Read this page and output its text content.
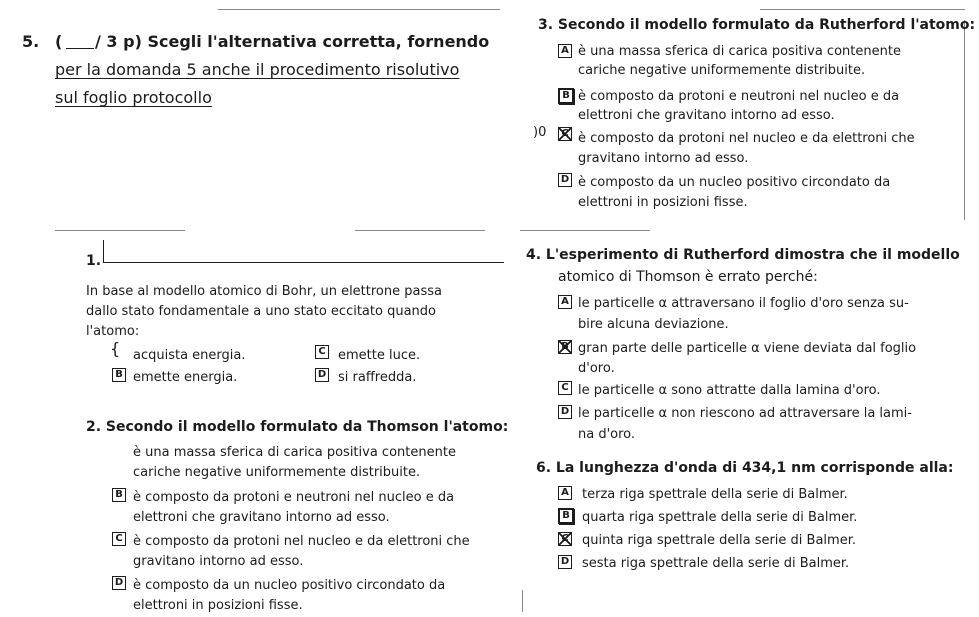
5. ( / 3 p) Scegli l'alternativa corretta, fornendo
per la domanda 5 anche il procedimento risolutivo
sul foglio protocollo
3. Secondo il modello formulato da Rutherford l'atomo:
A è una massa sferica di carica positiva contenente
cariche negative uniformemente distribuite.
B è composto da protoni e neutroni nel nucleo e da
elettroni che gravitano intorno ad esso.
)0	C è composto da protoni nel nucleo e da elettroni che
gravitano intorno ad esso.
D è composto da un nucleo positivo circondato da
elettroni in posizioni fisse.
1.
In base al modello atomico di Bohr, un elettrone passa
dallo stato fondamentale a uno stato eccitato quando
l'atomo:
{ acquista energia.	C emette luce.
B emette energia.	D si raffredda.
4. L'esperimento di Rutherford dimostra che il modello
atomico di Thomson è errato perché:
A le particelle α attraversano il foglio d'oro senza su-
bire alcuna deviazione.
B gran parte delle particelle α viene deviata dal foglio
d'oro.
C le particelle α sono attratte dalla lamina d'oro.
D le particelle α non riescono ad attraversare la lami-
na d'oro.
2. Secondo il modello formulato da Thomson l'atomo:
è una massa sferica di carica positiva contenente
cariche negative uniformemente distribuite.
B è composto da protoni e neutroni nel nucleo e da
elettroni che gravitano intorno ad esso.
C è composto da protoni nel nucleo e da elettroni che
gravitano intorno ad esso.
D è composto da un nucleo positivo circondato da
elettroni in posizioni fisse.
6. La lunghezza d'onda di 434,1 nm corrisponde alla:
A terza riga spettrale della serie di Balmer.
B quarta riga spettrale della serie di Balmer.
C quinta riga spettrale della serie di Balmer.
D sesta riga spettrale della serie di Balmer.
